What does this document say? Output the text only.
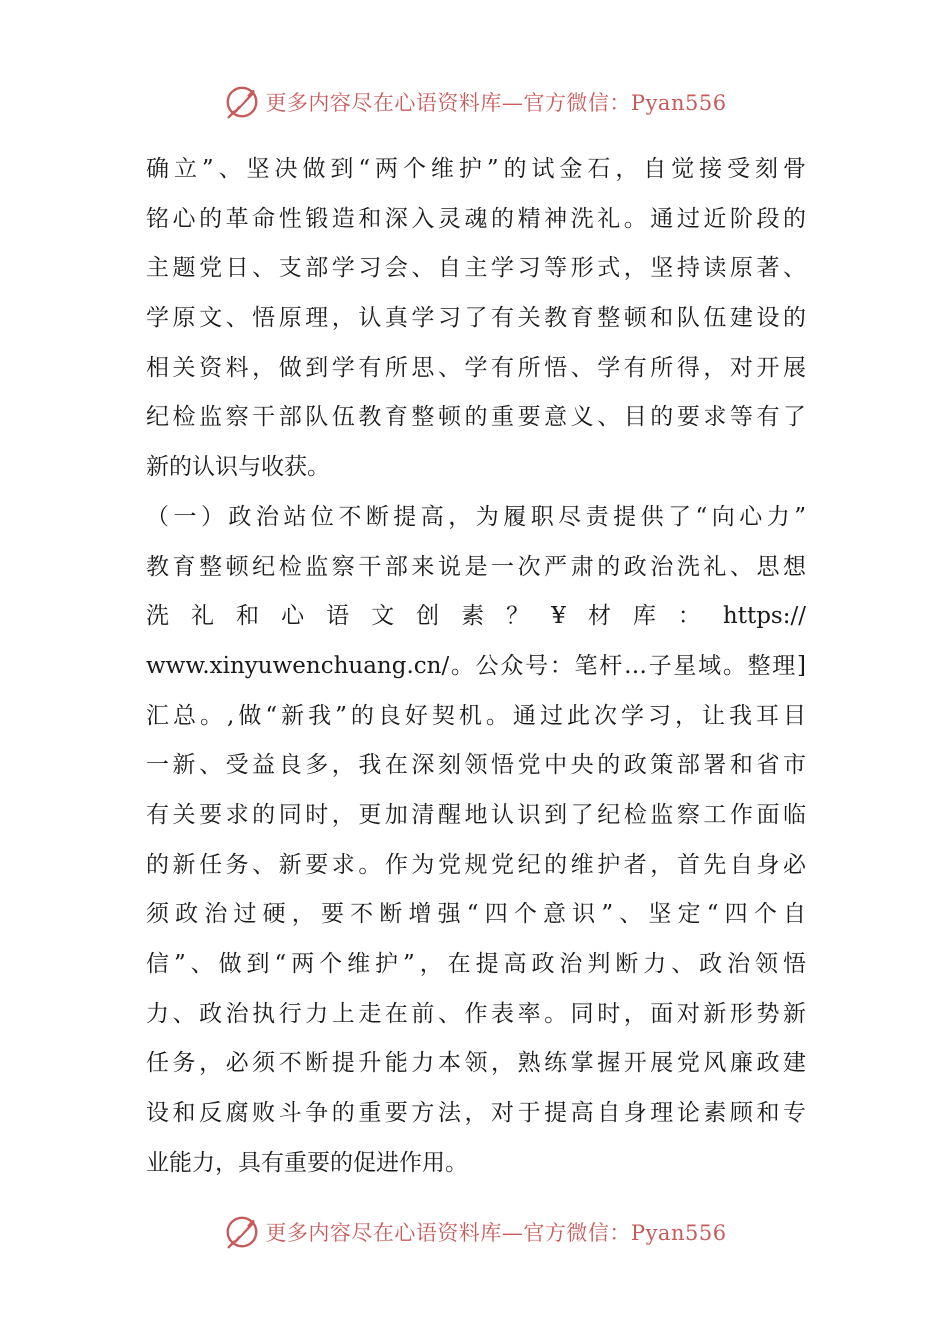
更多内容尽在心语资料库—官方微信：Pyan556
确立”、坚决做到“两个维护”的试金石，自觉接受刻骨
铭心的革命性锻造和深入灵魂的精神洗礼。通过近阶段的
主题党日、支部学习会、自主学习等形式，坚持读原著、
学原文、悟原理，认真学习了有关教育整顿和队伍建设的
相关资料，做到学有所思、学有所悟、学有所得，对开展
纪检监察干部队伍教育整顿的重要意义、目的要求等有了
新的认识与收获。
（一）政治站位不断提高，为履职尽责提供了“向心力”
教育整顿纪检监察干部来说是一次严肃的政治洗礼、思想
洗礼和心语文创素？¥材库：https://
www.xinyuwenchuang.cn/。公众号：笔杆…子星域。整理]
汇总。,做“新我”的良好契机。通过此次学习，让我耳目
一新、受益良多，我在深刻领悟党中央的政策部署和省市
有关要求的同时，更加清醒地认识到了纪检监察工作面临
的新任务、新要求。作为党规党纪的维护者，首先自身必
须政治过硬，要不断增强“四个意识”、坚定“四个自
信”、做到“两个维护”，在提高政治判断力、政治领悟
力、政治执行力上走在前、作表率。同时，面对新形势新
任务，必须不断提升能力本领，熟练掌握开展党风廉政建
设和反腐败斗争的重要方法，对于提高自身理论素顾和专
业能力，具有重要的促进作用。
更多内容尽在心语资料库—官方微信：Pyan556
